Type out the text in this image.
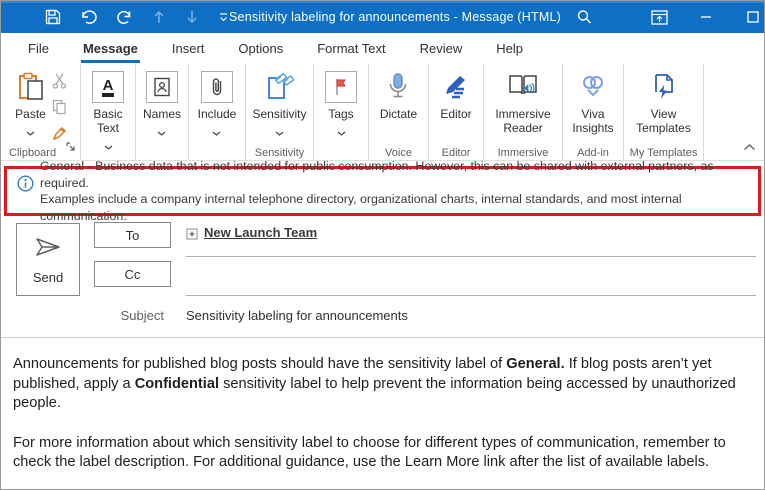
Sensitivity labeling for announcements - Message (HTML)
File	Message	Insert	Options	Format Text	Review	Help
Paste
Clipboard
A
Basic Text
Names Include Sensitivity
Sensitivity
Tags Dictate
Voice
Editor
Editor
Immersive Reader
Immersive
Viva Insights
Add-in
View Templates
My Templates
General - Business data that is not intended for public consumption. However, this can be shared with external partners, as required.
Examples include a company internal telephone directory, organizational charts, internal standards, and most internal communication.
Send
To
Cc
New Launch Team
Subject Sensitivity labeling for announcements

Announcements for published blog posts should have the sensitivity label of General. If blog posts aren’t yet published, apply a Confidential sensitivity label to help prevent the information being accessed by unauthorized people.

For more information about which sensitivity label to choose for different types of communication, remember to check the label description. For additional guidance, use the Learn More link after the list of available labels.
